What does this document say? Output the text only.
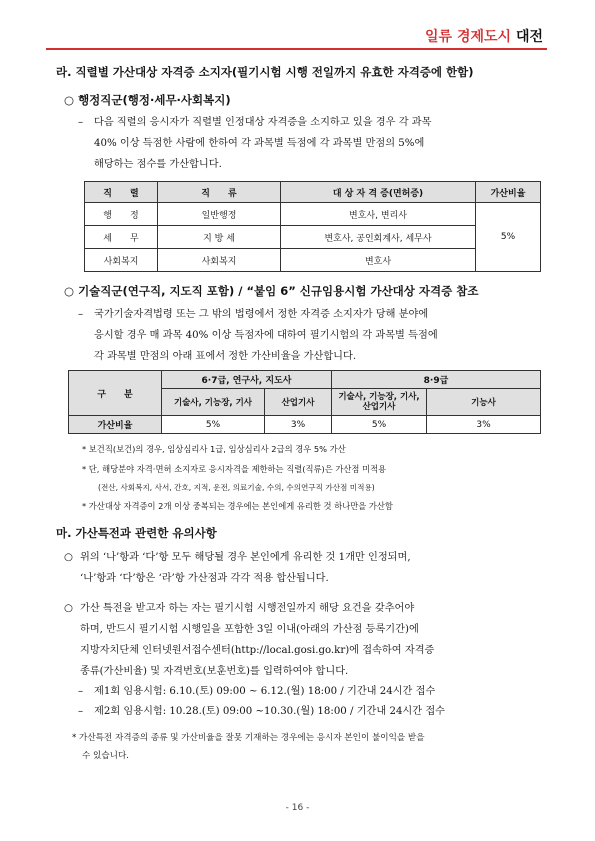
일류 경제도시 대전
라. 직렬별 가산대상 자격증 소지자(필기시험 시행 전일까지 유효한 자격증에 한함)
○ 행정직군(행정·세무·사회복지)
– 다음 직렬의 응시자가 직렬별 인정대상 자격증을 소지하고 있을 경우 각 과목
40% 이상 득점한 사람에 한하여 각 과목별 득점에 각 과목별 만점의 5%에
해당하는 점수를 가산합니다.
직　　렬	직　　류	대 상 자 격 증(면허증)	가산비율
행　　정	일반행정	변호사, 변리사	5%
세　　무	지 방 세	변호사, 공인회계사, 세무사	
사회복지	사회복지	변호사	
○ 기술직군(연구직, 지도직 포함) / “붙임 6” 신규임용시험 가산대상 자격증 참조
– 국가기술자격법령 또는 그 밖의 법령에서 정한 자격증 소지자가 당해 분야에
응시할 경우 매 과목 40% 이상 득점자에 대하여 필기시험의 각 과목별 득점에
각 과목별 만점의 아래 표에서 정한 가산비율을 가산합니다.
구　　분	6·7급, 연구사, 지도사		8·9급	
	기술사, 기능장, 기사	산업기사	기술사, 기능장, 기사, 산업기사	기능사
가산비율	5%	3%	5%	3%
* 보건직(보건)의 경우, 임상심리사 1급, 임상심리사 2급의 경우 5% 가산
* 단, 해당분야 자격·면허 소지자로 응시자격을 제한하는 직렬(직류)은 가산점 미적용
(전산, 사회복지, 사서, 간호, 지적, 운전, 의료기술, 수의, 수의연구직 가산점 미적용)
* 가산대상 자격증이 2개 이상 중복되는 경우에는 본인에게 유리한 것 하나만을 가산함
마. 가산특전과 관련한 유의사항
○ 위의 ‘나’항과 ‘다’항 모두 해당될 경우 본인에게 유리한 것 1개만 인정되며,
‘나’항과 ‘다’항은 ‘라’항 가산점과 각각 적용 합산됩니다.
○ 가산 특전을 받고자 하는 자는 필기시험 시행전일까지 해당 요건을 갖추어야
하며, 반드시 필기시험 시행일을 포함한 3일 이내(아래의 가산점 등록기간)에
지방자치단체 인터넷원서접수센터(http://local.gosi.go.kr)에 접속하여 자격증
종류(가산비율) 및 자격번호(보훈번호)를 입력하여야 합니다.
– 제1회 임용시험: 6.10.(토) 09:00 ~ 6.12.(월) 18:00 / 기간내 24시간 접수
– 제2회 임용시험: 10.28.(토) 09:00 ~10.30.(월) 18:00 / 기간내 24시간 접수
* 가산특전 자격증의 종류 및 가산비율을 잘못 기재하는 경우에는 응시자 본인이 불이익을 받을
수 있습니다.
- 16 -
